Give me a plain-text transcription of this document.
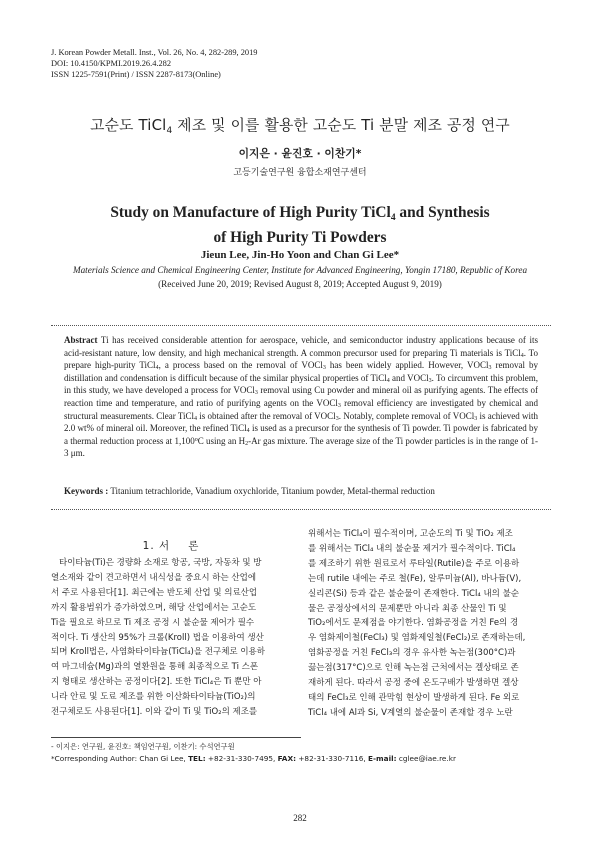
J. Korean Powder Metall. Inst., Vol. 26, No. 4, 282-289, 2019
DOI: 10.4150/KPMI.2019.26.4.282
ISSN 1225-7591(Print) / ISSN 2287-8173(Online)
고순도 TiCl$_4$ 제조 및 이를 활용한 고순도 Ti 분말 제조 공정 연구
이지은 · 윤진호 · 이찬기*
고등기술연구원 융합소재연구센터
Study on Manufacture of High Purity TiCl$_4$ and Synthesis
of High Purity Ti Powders
Jieun Lee, Jin-Ho Yoon and Chan Gi Lee*
Materials Science and Chemical Engineering Center, Institute for Advanced Engineering, Yongin 17180, Republic of Korea
(Received June 20, 2019; Revised August 8, 2019; Accepted August 9, 2019)
Abstract Ti has received considerable attention for aerospace, vehicle, and semiconductor industry applications because of its acid-resistant nature, low density, and high mechanical strength. A common precursor used for preparing Ti materials is TiCl$_4$. To prepare high-purity TiCl$_4$, a process based on the removal of VOCl$_3$ has been widely applied. However, VOCl$_3$ removal by distillation and condensation is difficult because of the similar physical properties of TiCl$_4$ and VOCl$_3$. To circumvent this problem, in this study, we have developed a process for VOCl$_3$ removal using Cu powder and mineral oil as purifying agents. The effects of reaction time and temperature, and ratio of purifying agents on the VOCl$_3$ removal efficiency are investigated by chemical and structural measurements. Clear TiCl$_4$ is obtained after the removal of VOCl$_3$. Notably, complete removal of VOCl$_3$ is achieved with 2.0 wt% of mineral oil. Moreover, the refined TiCl$_4$ is used as a precursor for the synthesis of Ti powder. Ti powder is fabricated by a thermal reduction process at 1,100$^o$C using an $H_2-Ar$ gas mixture. The average size of the Ti powder particles is in the range of 1-3 μm.
Keywords : Titanium tetrachloride, Vanadium oxychloride, Titanium powder, Metal-thermal reduction
1. 서 론

타이타늄(Ti)은 경량화 소재로 항공, 국방, 자동차 및 방

열소재와 같이 견고하면서 내식성을 중요시 하는 산업에

서 주로 사용된다[1]. 최근에는 반도체 산업 및 의료산업

까지 활용범위가 증가하였으며, 해당 산업에서는 고순도

Ti을 필요로 하므로 Ti 제조 공정 시 불순물 제어가 필수

적이다. Ti 생산의 95%가 크롤(Kroll) 법을 이용하여 생산

되며 Kroll법은, 사염화타이타늄(TiCl₄)을 전구체로 이용하

여 마그네슘(Mg)과의 열환원을 통해 최종적으로 Ti 스폰

지 형태로 생산하는 공정이다[2]. 또한 TiCl₄은 Ti 뿐만 아

니라 안료 및 도료 제조를 위한 이산화타이타늄(TiO₂)의

전구체로도 사용된다[1]. 이와 같이 Ti 및 TiO₂의 제조를

위해서는 TiCl₄이 필수적이며, 고순도의 Ti 및 TiO₂ 제조

를 위해서는 TiCl₄ 내의 불순물 제거가 필수적이다. TiCl₄

를 제조하기 위한 원료로서 루타일(Rutile)을 주로 이용하

는데 rutile 내에는 주로 철(Fe), 알루미늄(Al), 바나듐(V),

실리콘(Si) 등과 같은 불순물이 존재한다. TiCl₄ 내의 불순

물은 공정상에서의 문제뿐만 아니라 최종 산물인 Ti 및

TiO₂에서도 문제점을 야기한다. 염화공정을 거친 Fe의 경

우 염화제이철(FeCl₃) 및 염화제일철(FeCl₂)로 존재하는데,

염화공정을 거친 FeCl₃의 경우 유사한 녹는점(300°C)과

끓는점(317°C)으로 인해 녹는점 근처에서는 겔상태로 존

재하게 된다. 따라서 공정 중에 온도구배가 발생하면 겔상

태의 FeCl₃로 인해 관막힘 현상이 발생하게 된다. Fe 외로

TiCl₄ 내에 Al과 Si, V계열의 불순물이 존재할 경우 노란

- 이지은: 연구원, 윤진호: 책임연구원, 이찬기: 수석연구원
*Corresponding Author: Chan Gi Lee, TEL: +82-31-330-7495, FAX: +82-31-330-7116, E-mail: cglee@iae.re.kr
282
